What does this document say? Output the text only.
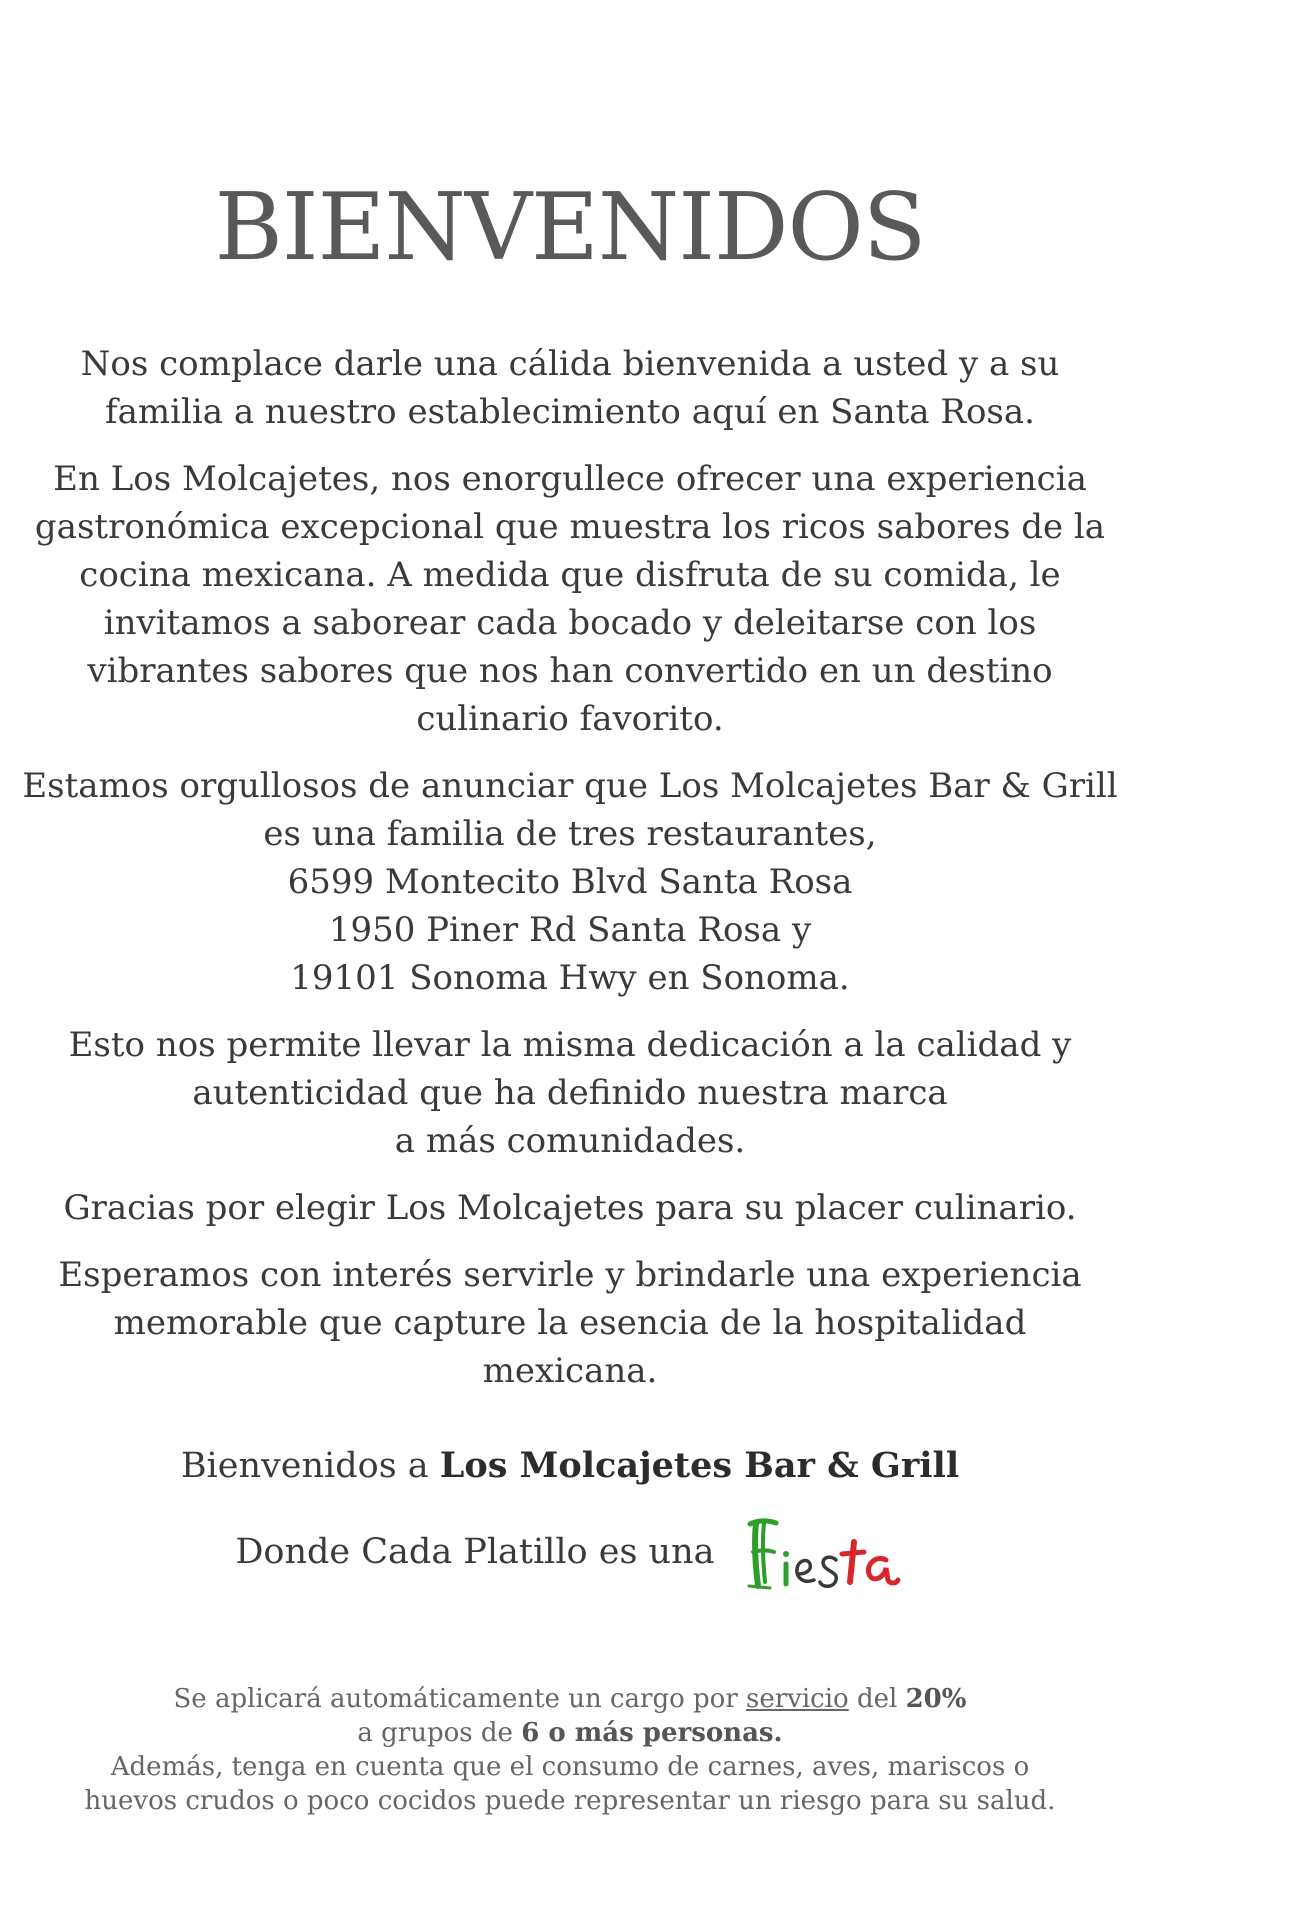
BIENVENIDOS

Nos complace darle una cálida bienvenida a usted y a su
familia a nuestro establecimiento aquí en Santa Rosa.

En Los Molcajetes, nos enorgullece ofrecer una experiencia
gastronómica excepcional que muestra los ricos sabores de la
cocina mexicana. A medida que disfruta de su comida, le
invitamos a saborear cada bocado y deleitarse con los
vibrantes sabores que nos han convertido en un destino
culinario favorito.

Estamos orgullosos de anunciar que Los Molcajetes Bar & Grill
es una familia de tres restaurantes,
6599 Montecito Blvd Santa Rosa
1950 Piner Rd Santa Rosa y
19101 Sonoma Hwy en Sonoma.

Esto nos permite llevar la misma dedicación a la calidad y
autenticidad que ha definido nuestra marca
a más comunidades.

Gracias por elegir Los Molcajetes para su placer culinario.

Esperamos con interés servirle y brindarle una experiencia
memorable que capture la esencia de la hospitalidad
mexicana.

Bienvenidos a Los Molcajetes Bar & Grill
Donde Cada Platillo es una
Se aplicará automáticamente un cargo por servicio del 20%
a grupos de 6 o más personas.
Además, tenga en cuenta que el consumo de carnes, aves, mariscos o
huevos crudos o poco cocidos puede representar un riesgo para su salud.
